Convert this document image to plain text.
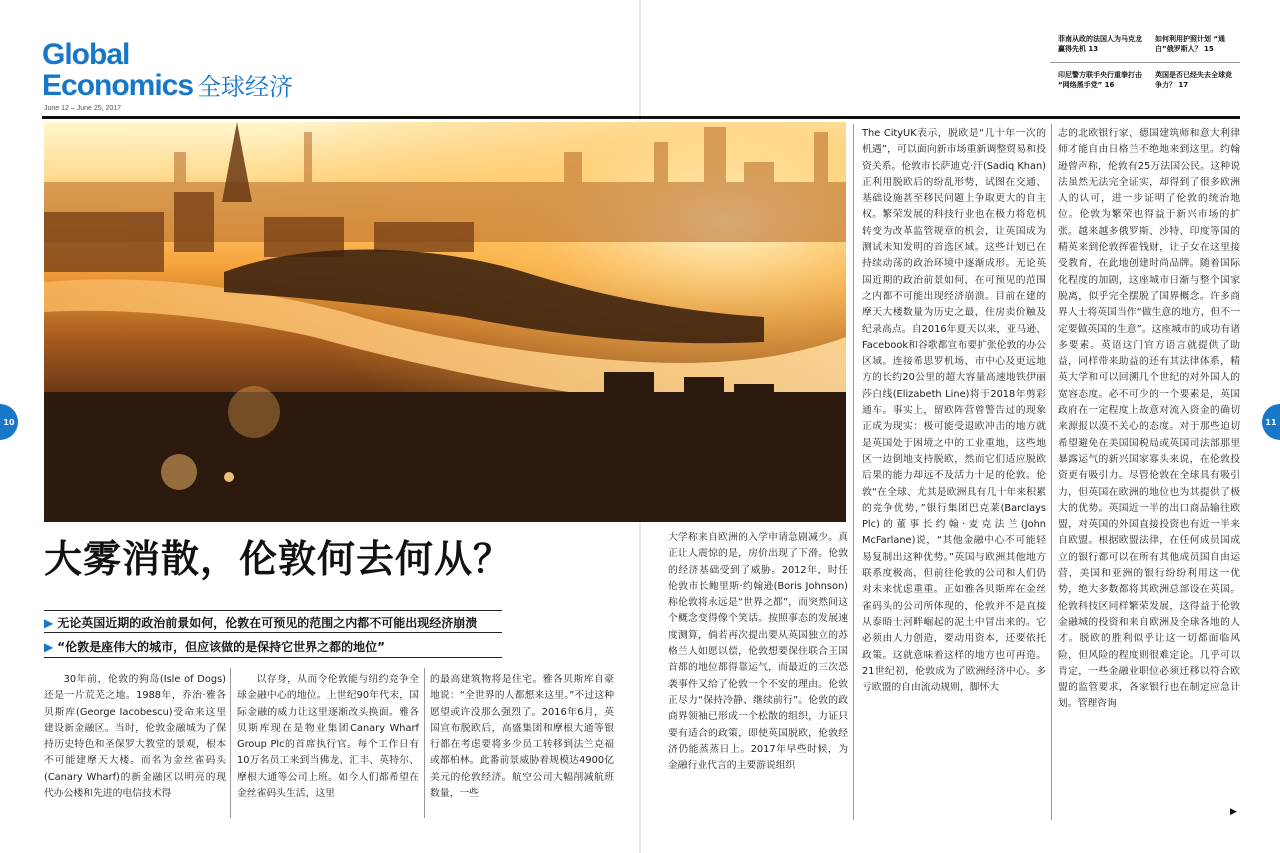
Global
Economics 全球经济
June 12 – June 25, 2017
菲南从政的法国人为马克龙赢得先机 13
如何利用护照计划 “通白”俄罗斯人？ 15
印尼警方联手央行重拳打击 “网络黑手党” 16
英国是否已经失去全球竞争力？ 17
大雾消散，伦敦何去何从？
▶ 无论英国近期的政治前景如何，伦敦在可预见的范围之内都不可能出现经济崩溃
▶ “伦敦是座伟大的城市，但应该做的是保持它世界之都的地位”

30年前，伦敦的狗岛(Isle of Dogs)还是一片荒芜之地。1988年，乔治·雅各贝斯库(George Iacobescu)受命来这里建设新金融区。当时，伦敦金融城为了保持历史特色和圣保罗大教堂的景观，根本不可能建摩天大楼。而名为金丝雀码头(Canary Wharf)的新金融区以明亮的现代办公楼和先进的电信技术得

以存身，从而令伦敦能与纽约竞争全球金融中心的地位。上世纪90年代末，国际金融的威力让这里逐渐改头换面。雅各贝斯库现在是物业集团Canary Wharf Group Plc的首席执行官。每个工作日有10万名员工来到当佛龙、汇丰、英特尔、摩根大通等公司上班。如今人们都希望在金丝雀码头生活，这里

的最高建筑物将是住宅。雅各贝斯库自豪地说：“全世界的人都想来这里。”不过这种愿望或许没那么强烈了。2016年6月，英国宣布脱欧后，高盛集团和摩根大通等银行都在考虑要将多少员工转移到法兰克福或都柏林。此番前景威胁着规模达4900亿美元的伦敦经济。航空公司大幅削减航班数量，一些

大学称来自欧洲的入学申请急剧减少。真正让人震惊的是，房价出现了下滑。伦敦的经济基础受到了威胁。2012年，时任伦敦市长鲍里斯·约翰逊(Boris Johnson)称伦敦将永远是“世界之都”，而突然间这个概念变得像个笑话。按照事态的发展速度测算，倘若再次提出要从英国独立的苏格兰人如愿以偿，伦敦想要保住联合王国首都的地位都得靠运气，而最近的三次恐袭事件又给了伦敦一个不安的理由。伦敦正尽力“保持冷静、继续前行”。伦敦的政商界领袖已形成一个松散的组织，力证只要有适合的政策，即使英国脱欧，伦敦经济仍能蒸蒸日上。2017年早些时候，为金融行业代言的主要游说组织

The CityUK表示，脱欧是“几十年一次的机遇”，可以面向新市场重新调整贸易和投资关系。伦敦市长萨迪克·汗(Sadiq Khan)正利用脱欧后的纷乱形势，试图在交通、基础设施甚至移民问题上争取更大的自主权。繁荣发展的科技行业也在极力将危机转变为改革监管规章的机会，让英国成为测试未知发明的首选区域。这些计划已在持续动荡的政治环境中逐渐成形。无论英国近期的政治前景如何，在可预见的范围之内都不可能出现经济崩溃。目前在建的摩天大楼数量为历史之最，住房卖价触及纪录高点。自2016年夏天以来，亚马逊、Facebook和谷歌都宣布要扩张伦敦的办公区域。连接希思罗机场、市中心及更远地方的长约20公里的超大容量高速地铁伊丽莎白线(Elizabeth Line)将于2018年剪彩通车。事实上，留欧阵营曾警告过的现象正成为现实：极可能受退欧冲击的地方就是英国处于困境之中的工业重地，这些地区一边倒地支持脱欧，然而它们适应脱欧后果的能力却远不及活力十足的伦敦。伦敦“在全球、尤其是欧洲具有几十年来积累的竞争优势，”银行集团巴克莱(Barclays Plc)的董事长约翰·麦克法兰(John McFarlane)说，“其他金融中心不可能轻易复制出这种优势。”英国与欧洲其他地方联系度极高，但前往伦敦的公司和人们仍对未来忧虑重重。正如雅各贝斯库在金丝雀码头的公司所体现的，伦敦并不是直接从泰晤士河畔崛起的泥土中冒出来的。它必须由人力创造，要动用资本，还要依托政策。这就意味着这样的地方也可再造。21世纪初，伦敦成为了欧洲经济中心。多亏欧盟的自由流动规则，脚怀大

志的北欧银行家、德国建筑师和意大利律师才能自由日格兰不绝地来到这里。约翰逊曾声称，伦敦有25万法国公民。这种说法虽然无法完全证实，却得到了很多欧洲人的认可，进一步证明了伦敦的统治地位。伦敦为繁荣也得益于新兴市场的扩张。越来越多俄罗斯、沙特、印度等国的精英来到伦敦挥霍钱财，让子女在这里接受教育，在此地创建时尚品牌。随着国际化程度的加剧，这座城市日渐与整个国家脱离，似乎完全摆脱了国界概念。许多商界人士将英国当作“做生意的地方，但不一定要做英国的生意”。这座城市的成功有诸多要素。英语这门官方语言就提供了助益，同样带来助益的还有其法律体系，精英大学和可以回溯几个世纪的对外国人的宽容态度。必不可少的一个要素是，英国政府在一定程度上故意对流入资金的确切来源报以漠不关心的态度。对于那些迫切希望避免在美国国税局或英国司法部那里暴露运气的新兴国家寡头来说，在伦敦投资更有吸引力。尽管伦敦在全球具有吸引力，但英国在欧洲的地位也为其提供了极大的优势。英国近一半的出口商品输往欧盟，对英国的外国直接投资也有近一半来自欧盟。根据欧盟法律，在任何成员国成立的银行都可以在所有其他成员国自由运营，美国和亚洲的银行纷纷利用这一优势，绝大多数都将其欧洲总部设在英国。伦敦科技区同样繁荣发展，这得益于伦敦金融城的投资和来自欧洲及全球各地的人才。脱欧的胜利似乎让这一切都面临风险，但风险的程度则很难定论。几乎可以肯定，一些金融业职位必须迁移以符合欧盟的监管要求，各家银行也在制定应急计划。管理咨询

▶
10	11
